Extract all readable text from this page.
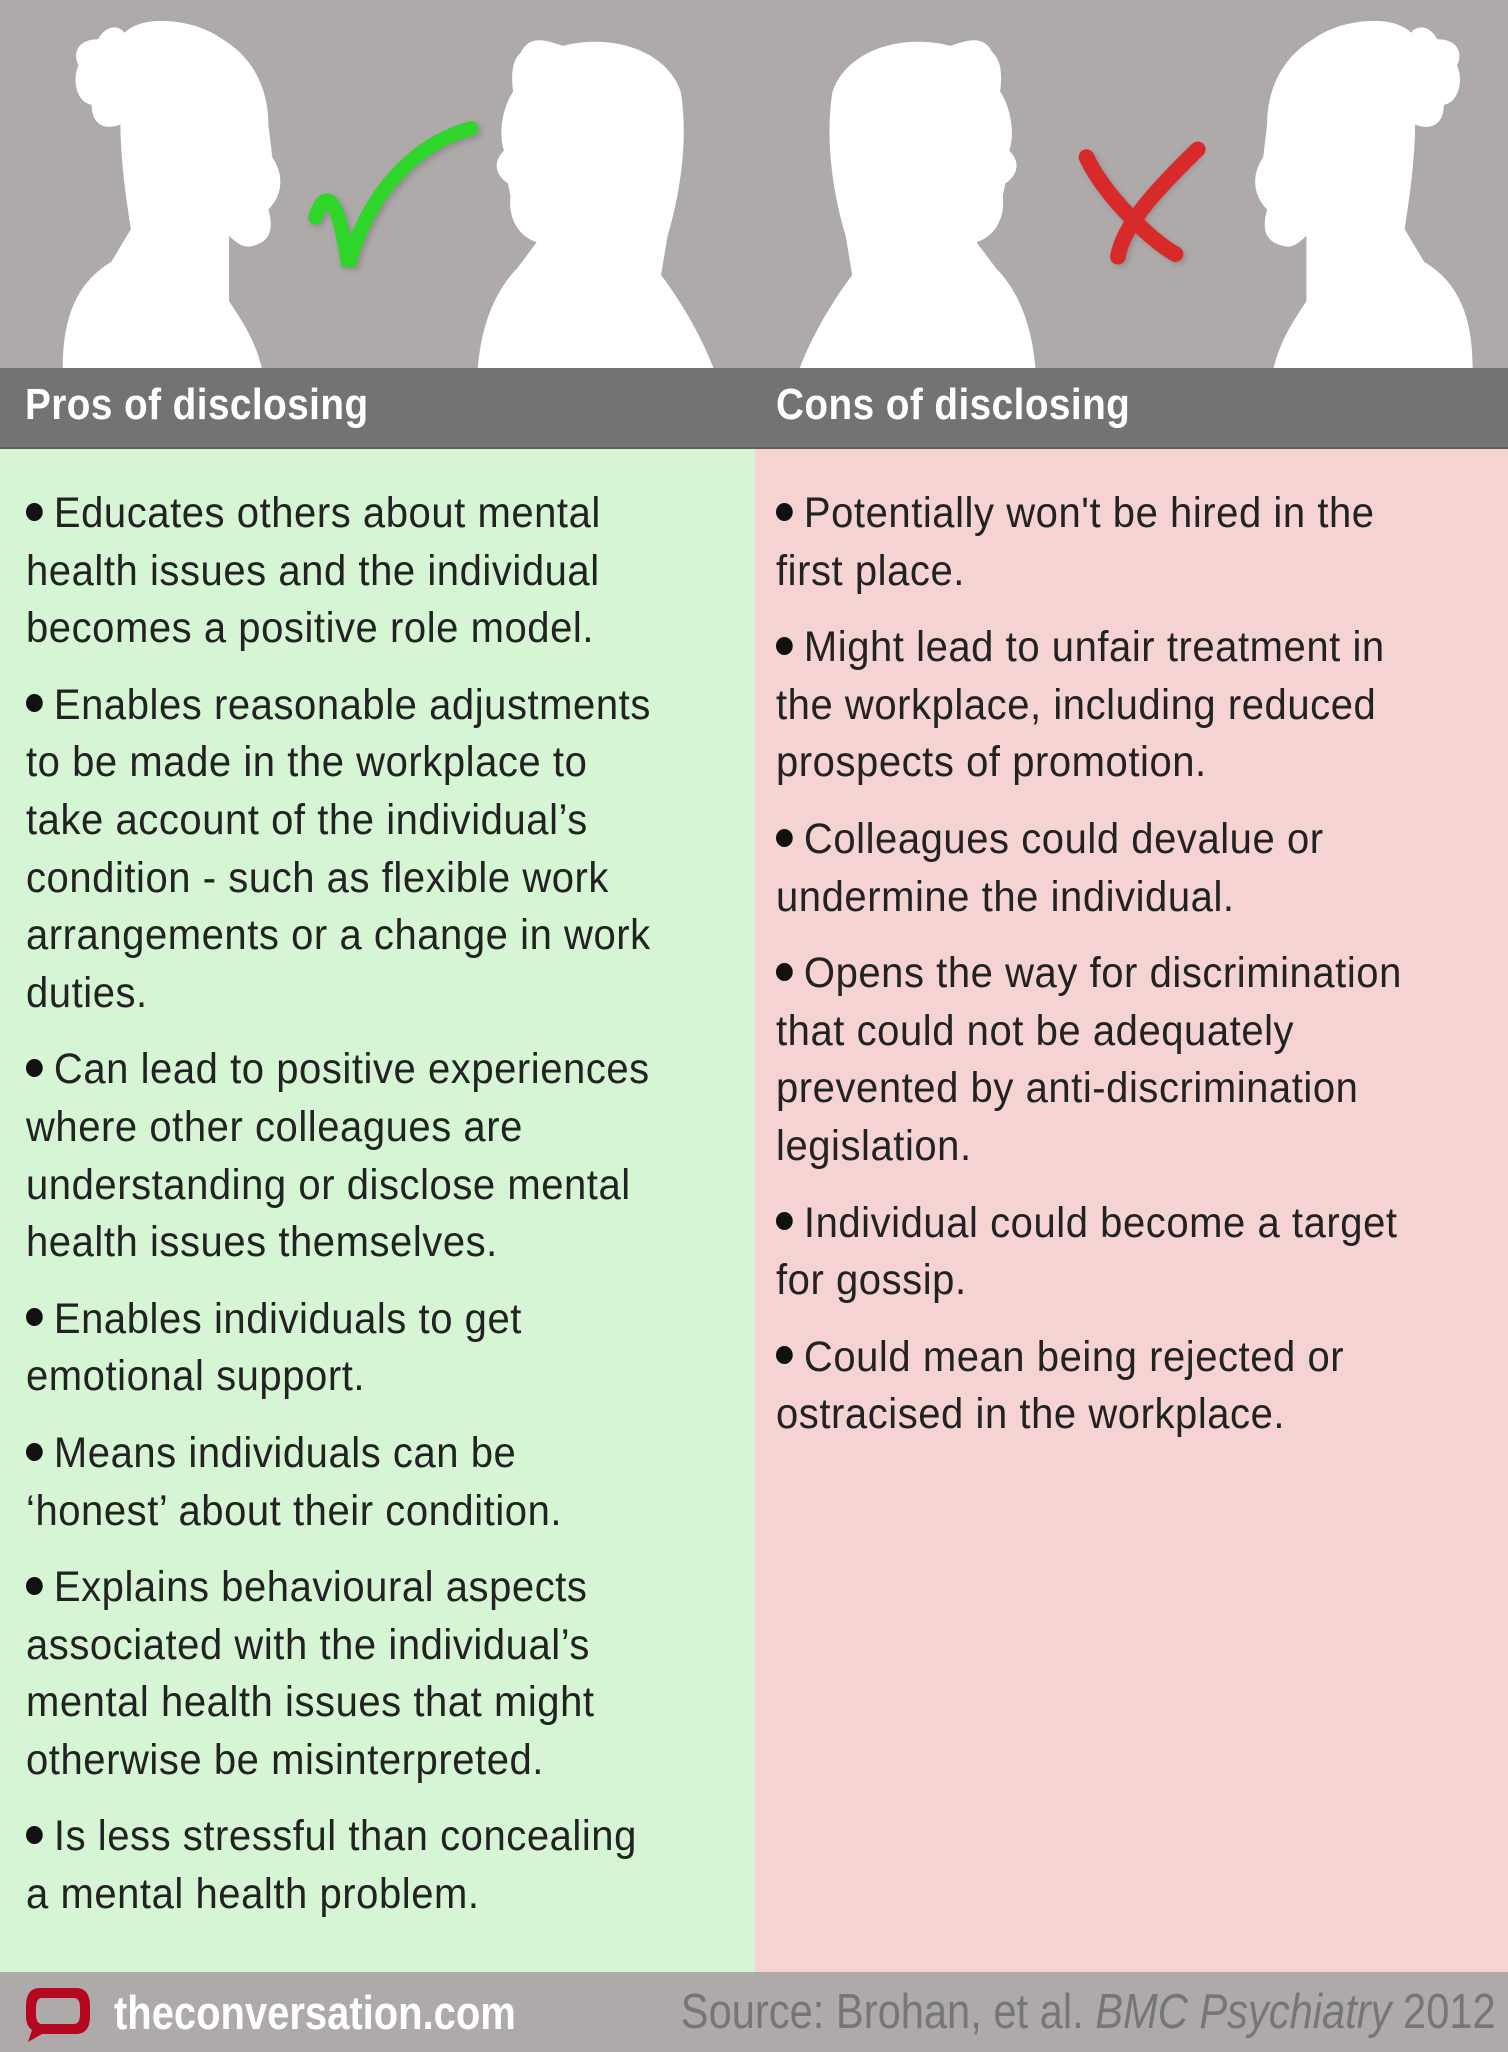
Pros of disclosing	Cons of disclosing
Educates others about mental
health issues and the individual
becomes a positive role model.
Enables reasonable adjustments
to be made in the workplace to
take account of the individual’s
condition - such as flexible work
arrangements or a change in work
duties.
Can lead to positive experiences
where other colleagues are
understanding or disclose mental
health issues themselves.
Enables individuals to get
emotional support.
Means individuals can be
‘honest’ about their condition.
Explains behavioural aspects
associated with the individual’s
mental health issues that might
otherwise be misinterpreted.
Is less stressful than concealing
a mental health problem.
Potentially won't be hired in the
first place.
Might lead to unfair treatment in
the workplace, including reduced
prospects of promotion.
Colleagues could devalue or
undermine the individual.
Opens the way for discrimination
that could not be adequately
prevented by anti-discrimination
legislation.
Individual could become a target
for gossip.
Could mean being rejected or
ostracised in the workplace.
theconversation.com	Source: Brohan, et al. BMC Psychiatry 2012
